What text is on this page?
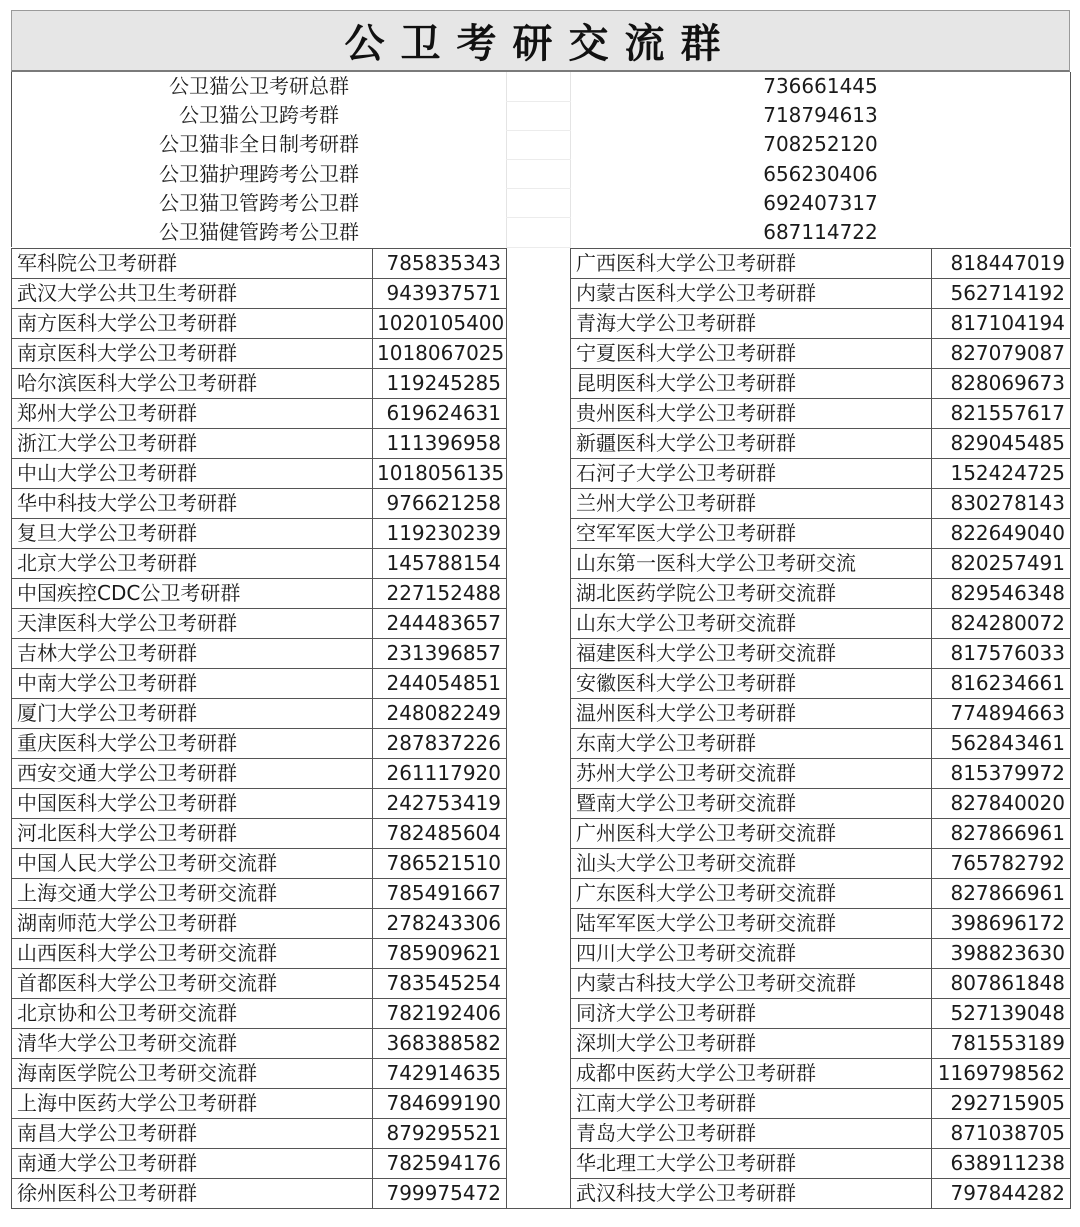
公卫考研交流群
公卫猫公卫考研总群		736661445
公卫猫公卫跨考群		718794613
公卫猫非全日制考研群		708252120
公卫猫护理跨考公卫群		656230406
公卫猫卫管跨考公卫群		692407317
公卫猫健管跨考公卫群		687114722
军科院公卫考研群	785835343		广西医科大学公卫考研群	818447019
武汉大学公共卫生考研群	943937571		内蒙古医科大学公卫考研群	562714192
南方医科大学公卫考研群	1020105400		青海大学公卫考研群	817104194
南京医科大学公卫考研群	1018067025		宁夏医科大学公卫考研群	827079087
哈尔滨医科大学公卫考研群	119245285		昆明医科大学公卫考研群	828069673
郑州大学公卫考研群	619624631		贵州医科大学公卫考研群	821557617
浙江大学公卫考研群	111396958		新疆医科大学公卫考研群	829045485
中山大学公卫考研群	1018056135		石河子大学公卫考研群	152424725
华中科技大学公卫考研群	976621258		兰州大学公卫考研群	830278143
复旦大学公卫考研群	119230239		空军军医大学公卫考研群	822649040
北京大学公卫考研群	145788154		山东第一医科大学公卫考研交流	820257491
中国疾控CDC公卫考研群	227152488		湖北医药学院公卫考研交流群	829546348
天津医科大学公卫考研群	244483657		山东大学公卫考研交流群	824280072
吉林大学公卫考研群	231396857		福建医科大学公卫考研交流群	817576033
中南大学公卫考研群	244054851		安徽医科大学公卫考研群	816234661
厦门大学公卫考研群	248082249		温州医科大学公卫考研群	774894663
重庆医科大学公卫考研群	287837226		东南大学公卫考研群	562843461
西安交通大学公卫考研群	261117920		苏州大学公卫考研交流群	815379972
中国医科大学公卫考研群	242753419		暨南大学公卫考研交流群	827840020
河北医科大学公卫考研群	782485604		广州医科大学公卫考研交流群	827866961
中国人民大学公卫考研交流群	786521510		汕头大学公卫考研交流群	765782792
上海交通大学公卫考研交流群	785491667		广东医科大学公卫考研交流群	827866961
湖南师范大学公卫考研群	278243306		陆军军医大学公卫考研交流群	398696172
山西医科大学公卫考研交流群	785909621		四川大学公卫考研交流群	398823630
首都医科大学公卫考研交流群	783545254		内蒙古科技大学公卫考研交流群	807861848
北京协和公卫考研交流群	782192406		同济大学公卫考研群	527139048
清华大学公卫考研交流群	368388582		深圳大学公卫考研群	781553189
海南医学院公卫考研交流群	742914635		成都中医药大学公卫考研群	1169798562
上海中医药大学公卫考研群	784699190		江南大学公卫考研群	292715905
南昌大学公卫考研群	879295521		青岛大学公卫考研群	871038705
南通大学公卫考研群	782594176		华北理工大学公卫考研群	638911238
徐州医科公卫考研群	799975472		武汉科技大学公卫考研群	797844282
